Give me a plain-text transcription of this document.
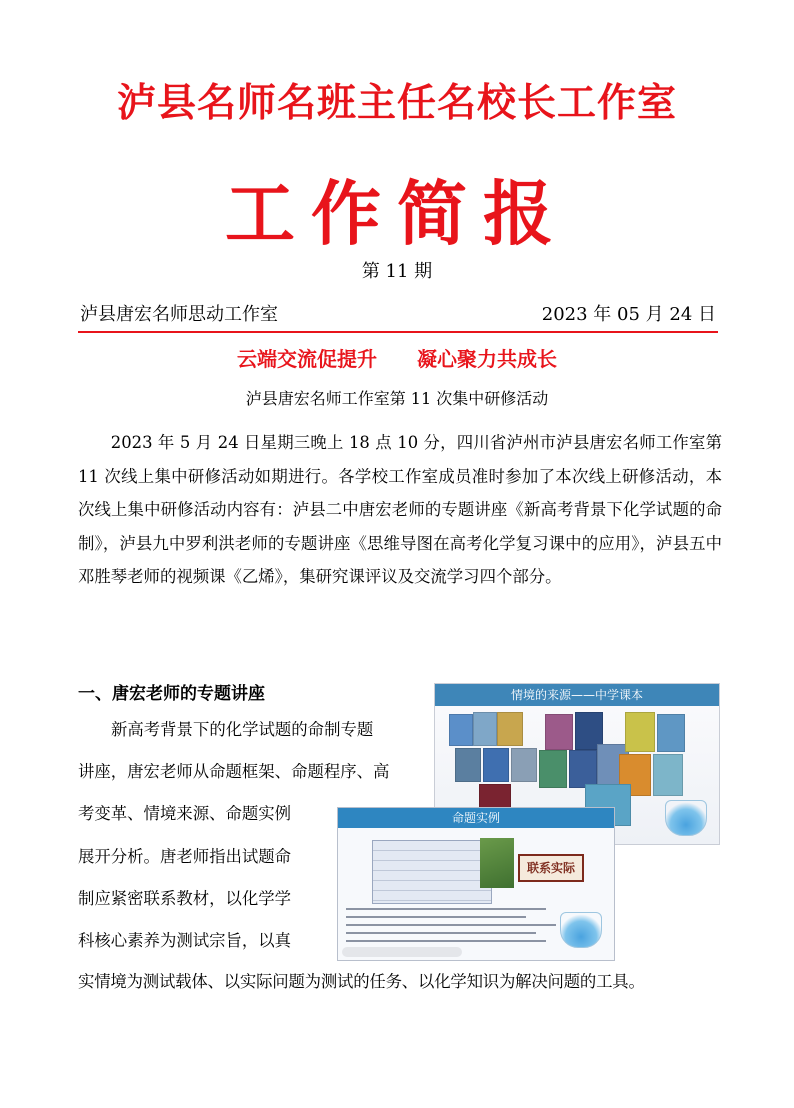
泸县名师名班主任名校长工作室
工作简报
第 11 期
泸县唐宏名师思动工作室	2023 年 05 月 24 日
云端交流促提升　　凝心聚力共成长
泸县唐宏名师工作室第 11 次集中研修活动
2023 年 5 月 24 日星期三晚上 18 点 10 分，四川省泸州市泸县唐宏名师工作室第 11 次线上集中研修活动如期进行。各学校工作室成员准时参加了本次线上研修活动，本次线上集中研修活动内容有：泸县二中唐宏老师的专题讲座《新高考背景下化学试题的命制》，泸县九中罗利洪老师的专题讲座《思维导图在高考化学复习课中的应用》，泸县五中邓胜琴老师的视频课《乙烯》，集研究课评议及交流学习四个部分。
一、唐宏老师的专题讲座
新高考背景下的化学试题的命制专题
讲座，唐宏老师从命题框架、命题程序、高
考变革、情境来源、命题实例
展开分析。唐老师指出试题命
制应紧密联系教材，以化学学
科核心素养为测试宗旨，以真
实情境为测试载体、以实际问题为测试的任务、以化学知识为解决问题的工具。
情境的来源——中学课本
命题实例
联系实际
